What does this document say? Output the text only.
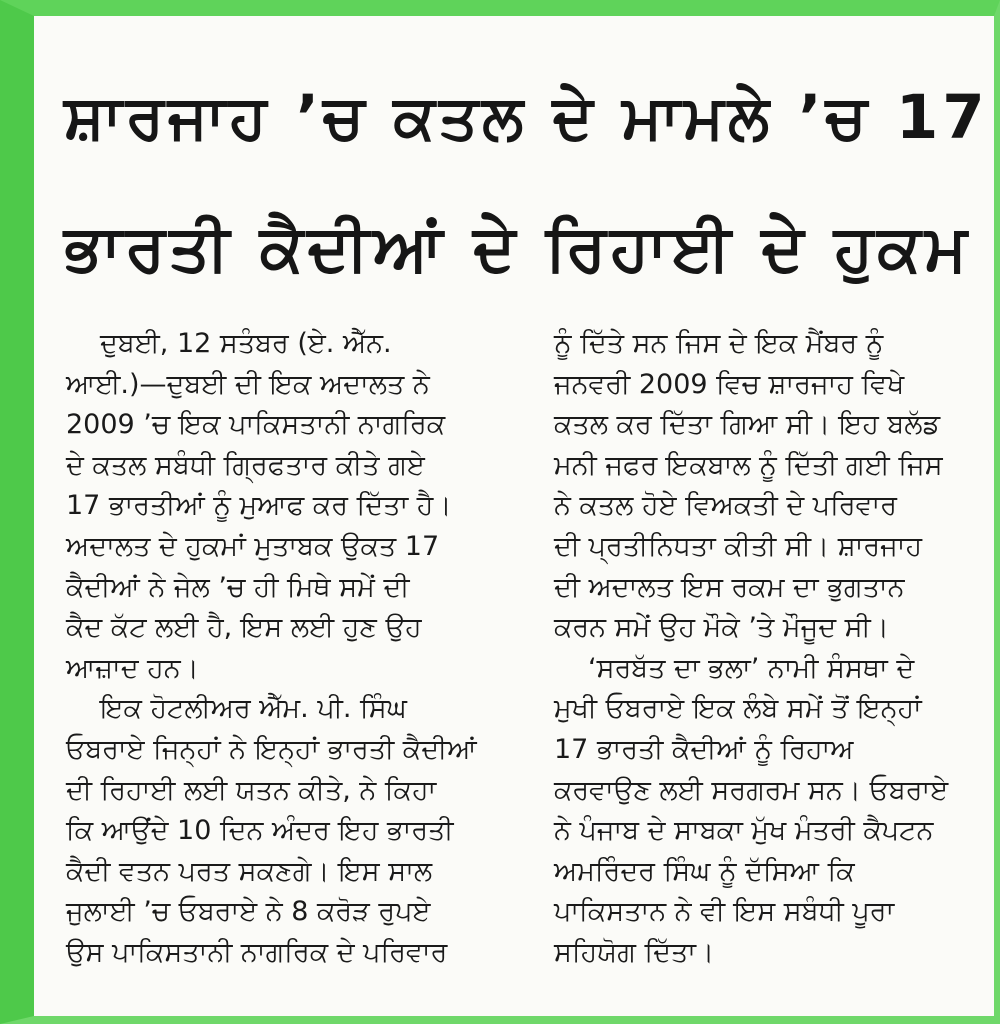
ਸ਼ਾਰਜਾਹ ’ਚ ਕਤਲ ਦੇ ਮਾਮਲੇ ’ਚ 17
ਭਾਰਤੀ ਕੈਦੀਆਂ ਦੇ ਰਿਹਾਈ ਦੇ ਹੁਕਮ
ਦੁਬਈ, 12 ਸਤੰਬਰ (ਏ. ਐੱਨ.
ਆਈ.)—ਦੁਬਈ ਦੀ ਇਕ ਅਦਾਲਤ ਨੇ
2009 ’ਚ ਇਕ ਪਾਕਿਸਤਾਨੀ ਨਾਗਰਿਕ
ਦੇ ਕਤਲ ਸਬੰਧੀ ਗ੍ਰਿਫਤਾਰ ਕੀਤੇ ਗਏ
17 ਭਾਰਤੀਆਂ ਨੂੰ ਮੁਆਫ ਕਰ ਦਿੱਤਾ ਹੈ।
ਅਦਾਲਤ ਦੇ ਹੁਕਮਾਂ ਮੁਤਾਬਕ ਉਕਤ 17
ਕੈਦੀਆਂ ਨੇ ਜੇਲ ’ਚ ਹੀ ਮਿਥੇ ਸਮੇਂ ਦੀ
ਕੈਦ ਕੱਟ ਲਈ ਹੈ, ਇਸ ਲਈ ਹੁਣ ਉਹ
ਆਜ਼ਾਦ ਹਨ।
ਇਕ ਹੋਟਲੀਅਰ ਐੱਮ. ਪੀ. ਸਿੰਘ
ਓਬਰਾਏ ਜਿਨ੍ਹਾਂ ਨੇ ਇਨ੍ਹਾਂ ਭਾਰਤੀ ਕੈਦੀਆਂ
ਦੀ ਰਿਹਾਈ ਲਈ ਯਤਨ ਕੀਤੇ, ਨੇ ਕਿਹਾ
ਕਿ ਆਉਂਦੇ 10 ਦਿਨ ਅੰਦਰ ਇਹ ਭਾਰਤੀ
ਕੈਦੀ ਵਤਨ ਪਰਤ ਸਕਣਗੇ। ਇਸ ਸਾਲ
ਜੁਲਾਈ ’ਚ ਓਬਰਾਏ ਨੇ 8 ਕਰੋੜ ਰੁਪਏ
ਉਸ ਪਾਕਿਸਤਾਨੀ ਨਾਗਰਿਕ ਦੇ ਪਰਿਵਾਰ
ਨੂੰ ਦਿੱਤੇ ਸਨ ਜਿਸ ਦੇ ਇਕ ਮੈਂਬਰ ਨੂੰ
ਜਨਵਰੀ 2009 ਵਿਚ ਸ਼ਾਰਜਾਹ ਵਿਖੇ
ਕਤਲ ਕਰ ਦਿੱਤਾ ਗਿਆ ਸੀ। ਇਹ ਬਲੱਡ
ਮਨੀ ਜਫਰ ਇਕਬਾਲ ਨੂੰ ਦਿੱਤੀ ਗਈ ਜਿਸ
ਨੇ ਕਤਲ ਹੋਏ ਵਿਅਕਤੀ ਦੇ ਪਰਿਵਾਰ
ਦੀ ਪ੍ਰਤੀਨਿਧਤਾ ਕੀਤੀ ਸੀ। ਸ਼ਾਰਜਾਹ
ਦੀ ਅਦਾਲਤ ਇਸ ਰਕਮ ਦਾ ਭੁਗਤਾਨ
ਕਰਨ ਸਮੇਂ ਉਹ ਮੌਕੇ ’ਤੇ ਮੌਜੂਦ ਸੀ।
‘ਸਰਬੱਤ ਦਾ ਭਲਾ’ ਨਾਮੀ ਸੰਸਥਾ ਦੇ
ਮੁਖੀ ਓਬਰਾਏ ਇਕ ਲੰਬੇ ਸਮੇਂ ਤੋਂ ਇਨ੍ਹਾਂ
17 ਭਾਰਤੀ ਕੈਦੀਆਂ ਨੂੰ ਰਿਹਾਅ
ਕਰਵਾਉਣ ਲਈ ਸਰਗਰਮ ਸਨ। ਓਬਰਾਏ
ਨੇ ਪੰਜਾਬ ਦੇ ਸਾਬਕਾ ਮੁੱਖ ਮੰਤਰੀ ਕੈਪਟਨ
ਅਮਰਿੰਦਰ ਸਿੰਘ ਨੂੰ ਦੱਸਿਆ ਕਿ
ਪਾਕਿਸਤਾਨ ਨੇ ਵੀ ਇਸ ਸਬੰਧੀ ਪੂਰਾ
ਸਹਿਯੋਗ ਦਿੱਤਾ।
